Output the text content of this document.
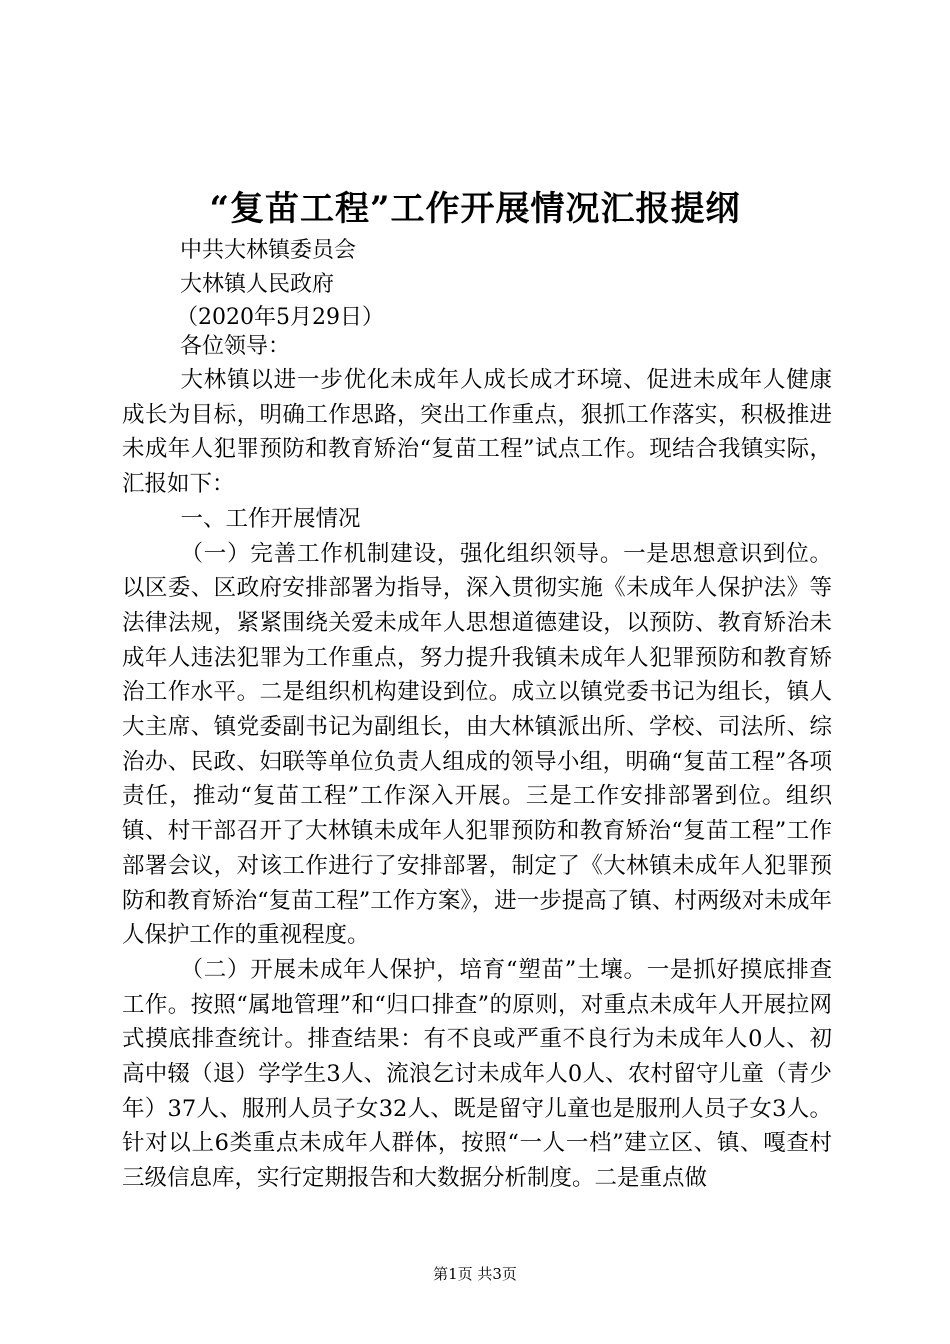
“复苗工程”工作开展情况汇报提纲
中共大林镇委员会
大林镇人民政府
（2020年5月29日）
各位领导：

大林镇以进一步优化未成年人成长成才环境、促进未成年人健康成长为目标，明确工作思路，突出工作重点，狠抓工作落实，积极推进未成年人犯罪预防和教育矫治“复苗工程”试点工作。现结合我镇实际，汇报如下：

一、工作开展情况

（一）完善工作机制建设，强化组织领导。一是思想意识到位。以区委、区政府安排部署为指导，深入贯彻实施《未成年人保护法》等法律法规，紧紧围绕关爱未成年人思想道德建设，以预防、教育矫治未成年人违法犯罪为工作重点，努力提升我镇未成年人犯罪预防和教育矫治工作水平。二是组织机构建设到位。成立以镇党委书记为组长，镇人大主席、镇党委副书记为副组长，由大林镇派出所、学校、司法所、综治办、民政、妇联等单位负责人组成的领导小组，明确“复苗工程”各项责任，推动“复苗工程”工作深入开展。三是工作安排部署到位。组织镇、村干部召开了大林镇未成年人犯罪预防和教育矫治“复苗工程”工作部署会议，对该工作进行了安排部署，制定了《大林镇未成年人犯罪预防和教育矫治“复苗工程”工作方案》，进一步提高了镇、村两级对未成年人保护工作的重视程度。

（二）开展未成年人保护，培育“塑苗”土壤。一是抓好摸底排查工作。按照“属地管理”和“归口排查”的原则，对重点未成年人开展拉网式摸底排查统计。排查结果：有不良或严重不良行为未成年人0人、初高中辍（退）学学生3人、流浪乞讨未成年人0人、农村留守儿童（青少年）37人、服刑人员子女32人、既是留守儿童也是服刑人员子女3人。针对以上6类重点未成年人群体，按照“一人一档”建立区、镇、嘎查村三级信息库，实行定期报告和大数据分析制度。二是重点做

第1页 共3页
